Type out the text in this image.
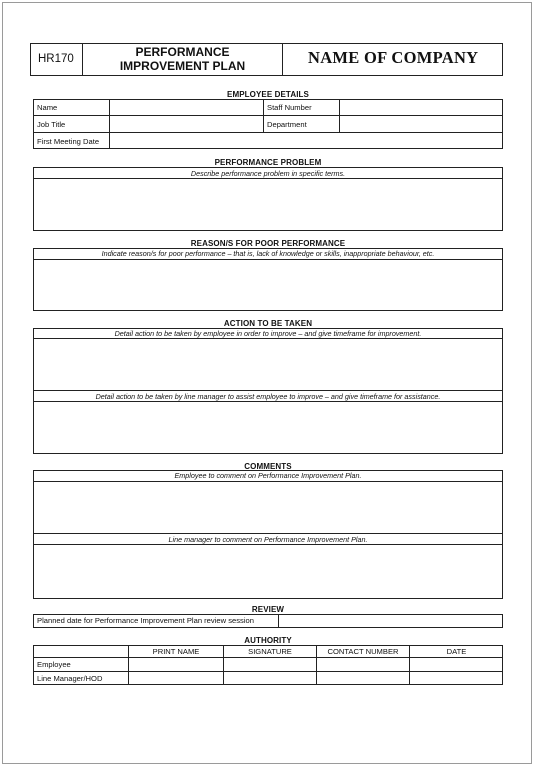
HR170	PERFORMANCE
IMPROVEMENT PLAN	NAME OF COMPANY
EMPLOYEE DETAILS
Name	Staff Number
Job Title	Department
First Meeting Date
PERFORMANCE PROBLEM
Describe performance problem in specific terms.
REASON/S FOR POOR PERFORMANCE
Indicate reason/s for poor performance – that is, lack of knowledge or skills, inappropriate behaviour, etc.
ACTION TO BE TAKEN
Detail action to be taken by employee in order to improve – and give timeframe for improvement.
Detail action to be taken by line manager to assist employee to improve – and give timeframe for assistance.
COMMENTS
Employee to comment on Performance Improvement Plan.
Line manager to comment on Performance Improvement Plan.
REVIEW
Planned date for Performance Improvement Plan review session
AUTHORITY
PRINT NAME	SIGNATURE	CONTACT NUMBER	DATE
Employee
Line Manager/HOD
